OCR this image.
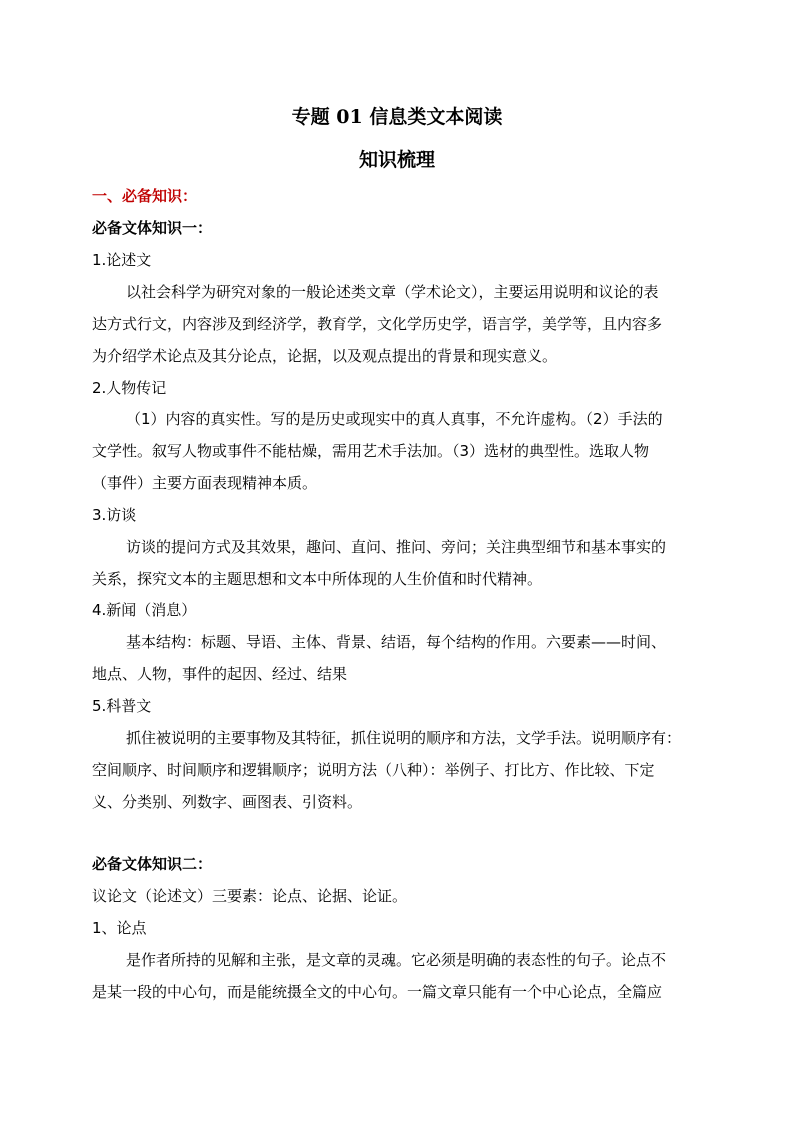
专题 01 信息类文本阅读
知识梳理
一、必备知识：
必备文体知识一：
1.论述文
以社会科学为研究对象的一般论述类文章（学术论文），主要运用说明和议论的表
达方式行文，内容涉及到经济学，教育学，文化学历史学，语言学，美学等，且内容多
为介绍学术论点及其分论点，论据，以及观点提出的背景和现实意义。
2.人物传记
（1）内容的真实性。写的是历史或现实中的真人真事，不允许虚构。（2）手法的
文学性。叙写人物或事件不能枯燥，需用艺术手法加。（3）选材的典型性。选取人物
（事件）主要方面表现精神本质。
3.访谈
访谈的提问方式及其效果，趣问、直问、推问、旁问；关注典型细节和基本事实的
关系，探究文本的主题思想和文本中所体现的人生价值和时代精神。
4.新闻（消息）
基本结构：标题、导语、主体、背景、结语，每个结构的作用。六要素——时间、
地点、人物，事件的起因、经过、结果
5.科普文
抓住被说明的主要事物及其特征，抓住说明的顺序和方法，文学手法。说明顺序有：
空间顺序、时间顺序和逻辑顺序；说明方法（八种）：举例子、打比方、作比较、下定
义、分类别、列数字、画图表、引资料。
必备文体知识二：
议论文（论述文）三要素：论点、论据、论证。
1、论点
是作者所持的见解和主张，是文章的灵魂。它必须是明确的表态性的句子。论点不
是某一段的中心句，而是能统摄全文的中心句。一篇文章只能有一个中心论点，全篇应
